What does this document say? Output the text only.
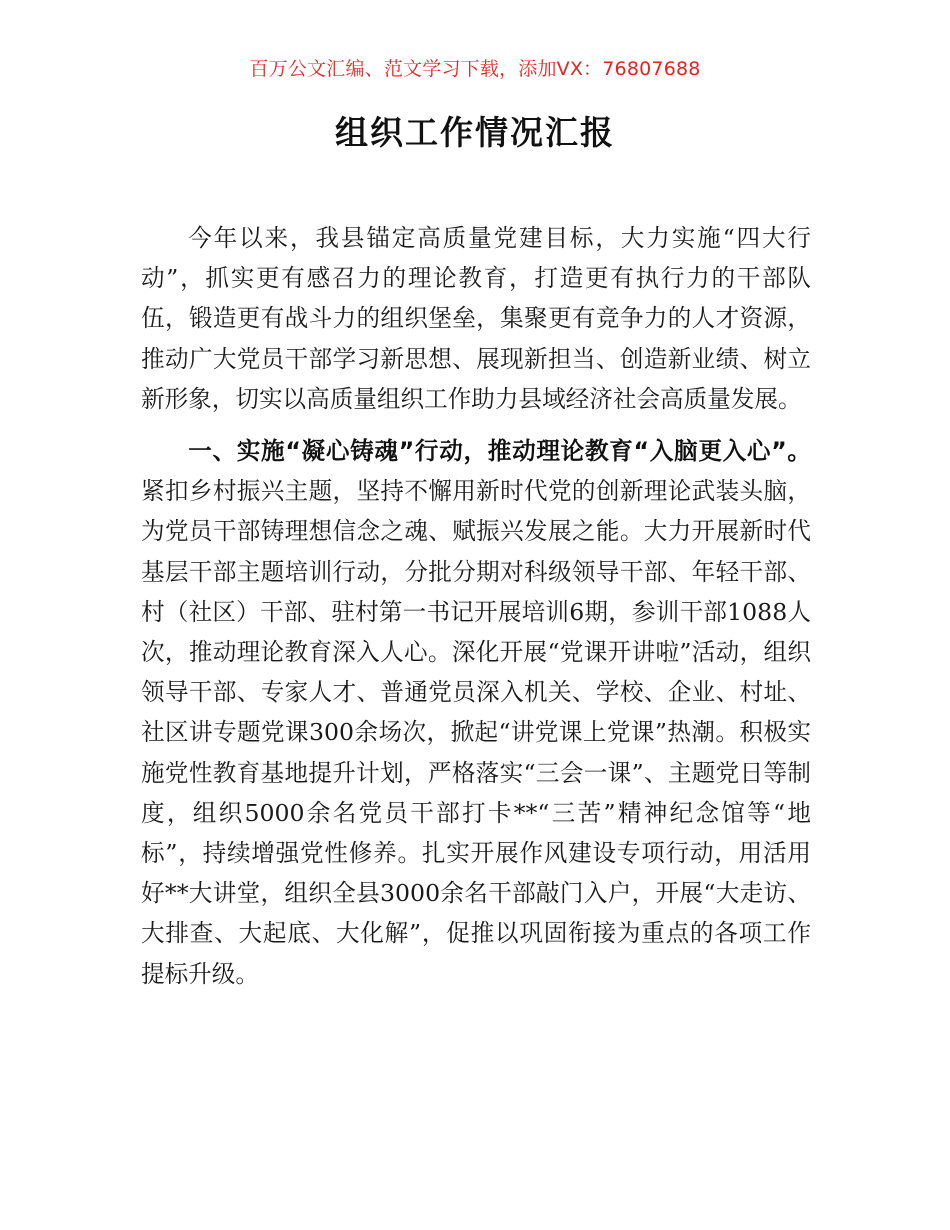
百万公文汇编、范文学习下载，添加VX：76807688
组织工作情况汇报

今年以来，我县锚定高质量党建目标，大力实施“四大行动”，抓实更有感召力的理论教育，打造更有执行力的干部队伍，锻造更有战斗力的组织堡垒，集聚更有竞争力的人才资源，推动广大党员干部学习新思想、展现新担当、创造新业绩、树立新形象，切实以高质量组织工作助力县域经济社会高质量发展。

一、实施“凝心铸魂”行动，推动理论教育“入脑更入心”。紧扣乡村振兴主题，坚持不懈用新时代党的创新理论武装头脑，为党员干部铸理想信念之魂、赋振兴发展之能。大力开展新时代基层干部主题培训行动，分批分期对科级领导干部、年轻干部、村（社区）干部、驻村第一书记开展培训6期，参训干部1088人次，推动理论教育深入人心。深化开展“党课开讲啦”活动，组织领导干部、专家人才、普通党员深入机关、学校、企业、村址、社区讲专题党课300余场次，掀起“讲党课上党课”热潮。积极实施党性教育基地提升计划，严格落实“三会一课”、主题党日等制度，组织5000余名党员干部打卡**“三苦”精神纪念馆等“地标”，持续增强党性修养。扎实开展作风建设专项行动，用活用好**大讲堂，组织全县3000余名干部敲门入户，开展“大走访、大排查、大起底、大化解”，促推以巩固衔接为重点的各项工作提标升级。
